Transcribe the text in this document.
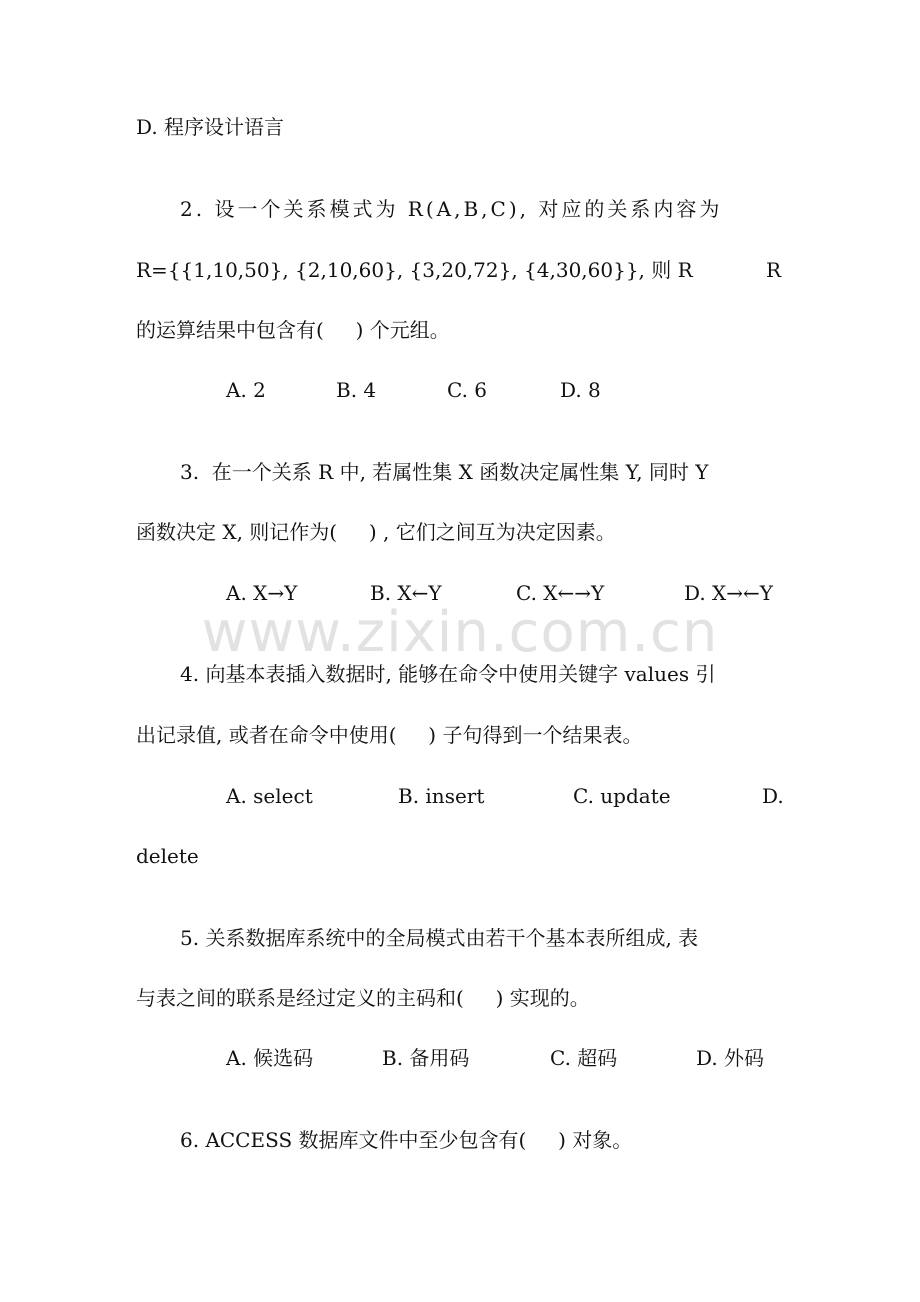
www.zixin.com.cn
D. 程序设计语言
2. 设一个关系模式为 R(A,B,C), 对应的关系内容为
R={{1,10,50}, {2,10,60}, {3,20,72}, {4,30,60}}, 则 R	R
的运算结果中包含有(     ) 个元组。
A. 2	B. 4	C. 6	D. 8
3.  在一个关系 R 中, 若属性集 X 函数决定属性集 Y, 同时 Y
函数决定 X, 则记作为(     ) , 它们之间互为决定因素。
A. X→Y	B. X←Y	C. X←→Y	D. X→←Y
4. 向基本表插入数据时, 能够在命令中使用关键字 values 引
出记录值, 或者在命令中使用(     ) 子句得到一个结果表。
A. select	B. insert	C. update	D.
delete
5. 关系数据库系统中的全局模式由若干个基本表所组成, 表
与表之间的联系是经过定义的主码和(     ) 实现的。
A. 候选码	B. 备用码	C. 超码	D. 外码
6. ACCESS 数据库文件中至少包含有(     ) 对象。
